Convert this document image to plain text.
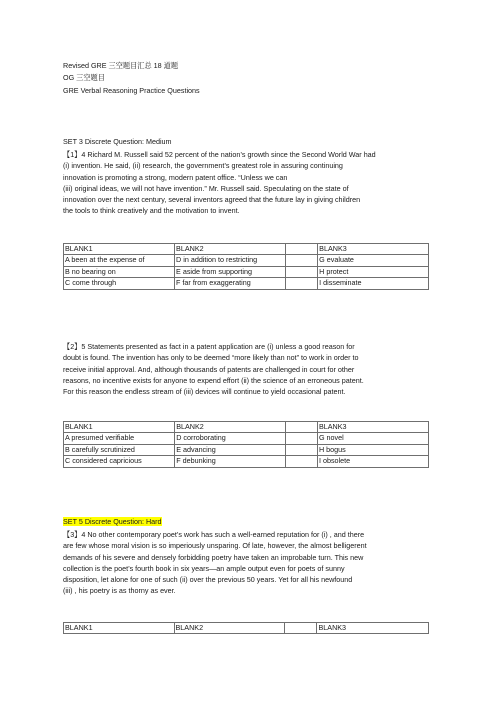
Revised GRE 三空题目汇总 18 道题
OG 三空题目
GRE Verbal Reasoning Practice Questions
SET 3 Discrete Question: Medium
【1】4 Richard M. Russell said 52 percent of the nation’s growth since the Second World War had
(i) invention. He said, (ii) research, the government’s greatest role in assuring continuing
innovation is promoting a strong, modern patent office. “Unless we can
(iii) original ideas, we will not have invention.” Mr. Russell said. Speculating on the state of
innovation over the next century, several inventors agreed that the future lay in giving children
the tools to think creatively and the motivation to invent.
BLANK1	BLANK2		BLANK3
A been at the expense of	D in addition to restricting		G evaluate
B no bearing on	E aside from supporting		H protect
C come through	F far from exaggerating		I disseminate
【2】5 Statements presented as fact in a patent application are (i) unless a good reason for
doubt is found. The invention has only to be deemed “more likely than not” to work in order to
receive initial approval. And, although thousands of patents are challenged in court for other
reasons, no incentive exists for anyone to expend effort (ii) the science of an erroneous patent.
For this reason the endless stream of (iii) devices will continue to yield occasional patent.
BLANK1	BLANK2		BLANK3
A presumed verifiable	D corroborating		G novel
B carefully scrutinized	E advancing		H bogus
C considered capricious	F debunking		I obsolete
SET 5 Discrete Question: Hard
【3】4 No other contemporary poet’s work has such a well-earned reputation for (i) , and there
are few whose moral vision is so imperiously unsparing. Of late, however, the almost belligerent
demands of his severe and densely forbidding poetry have taken an improbable turn. This new
collection is the poet’s fourth book in six years—an ample output even for poets of sunny
disposition, let alone for one of such (ii) over the previous 50 years. Yet for all his newfound
(iii) , his poetry is as thorny as ever.
BLANK1	BLANK2		BLANK3
